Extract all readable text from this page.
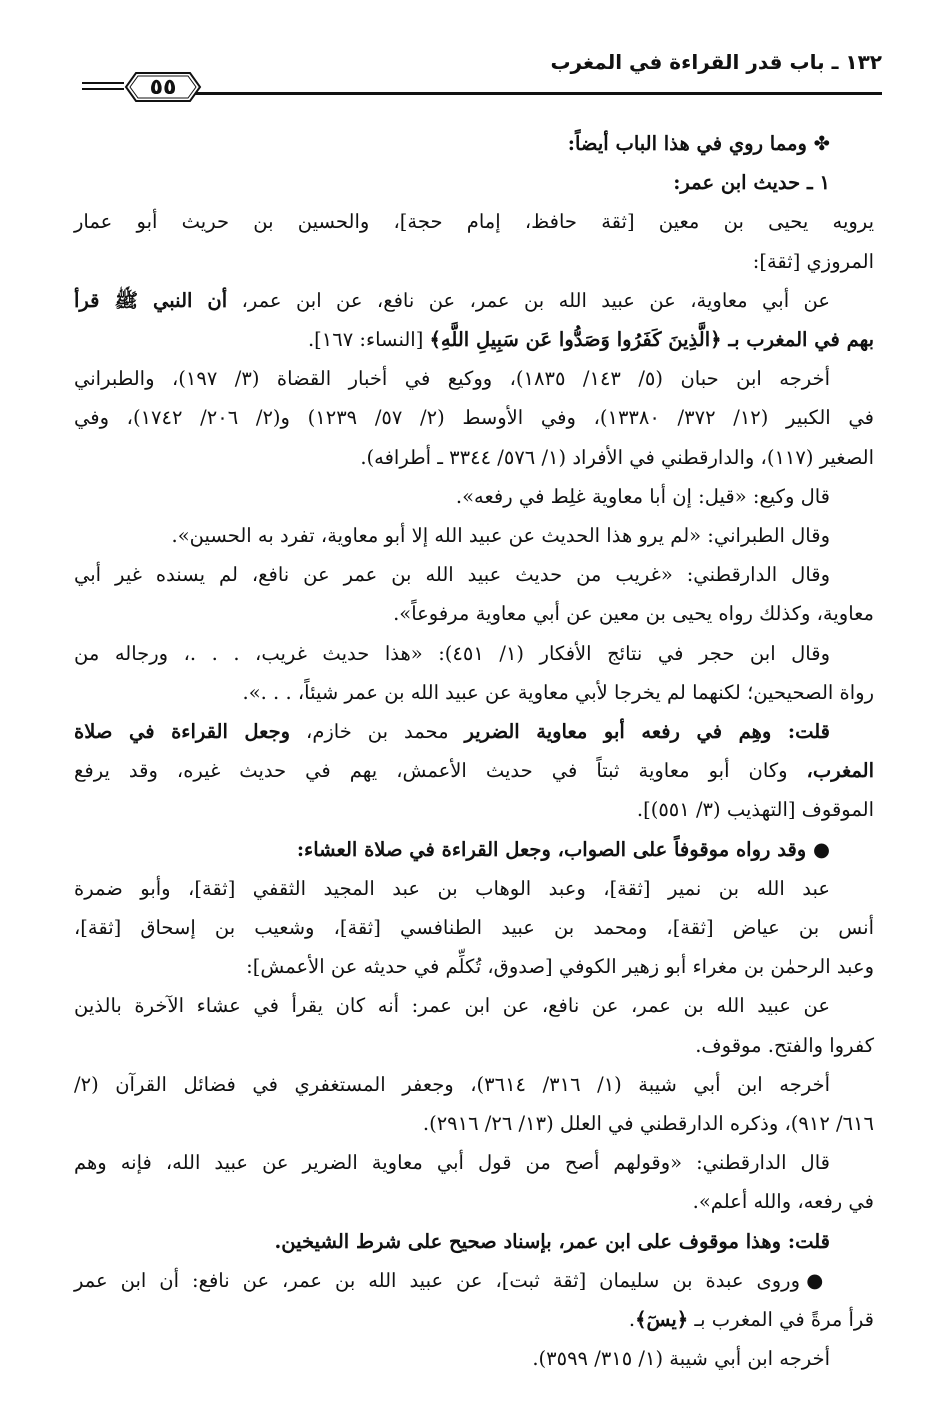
١٣٢ ـ باب قدر القراءة في المغرب
٥٥
✤ ومما روي في هذا الباب أيضاً:
١ ـ حديث ابن عمر:
يرويه يحيى بن معين [ثقة حافظ، إمام حجة]، والحسين بن حريث أبو عمار
المروزي [ثقة]:
عن أبي معاوية، عن عبيد الله بن عمر، عن نافع، عن ابن عمر، أن النبي ﷺ قرأ
بهم في المغرب بـ ﴿الَّذِينَ كَفَرُوا وَصَدُّوا عَن سَبِيلِ اللَّهِ﴾ [النساء: ١٦٧].
أخرجه ابن حبان (٥/ ١٤٣/ ١٨٣٥)، ووكيع في أخبار القضاة (٣/ ١٩٧)، والطبراني
في الكبير (١٢/ ٣٧٢/ ١٣٣٨٠)، وفي الأوسط (٢/ ٥٧/ ١٢٣٩) و(٢/ ٢٠٦/ ١٧٤٢)، وفي
الصغير (١١٧)، والدارقطني في الأفراد (١/ ٥٧٦/ ٣٣٤٤ ـ أطرافه).
قال وكيع: «قيل: إن أبا معاوية غلِط في رفعه».
وقال الطبراني: «لم يرو هذا الحديث عن عبيد الله إلا أبو معاوية، تفرد به الحسين».
وقال الدارقطني: «غريب من حديث عبيد الله بن عمر عن نافع، لم يسنده غير أبي
معاوية، وكذلك رواه يحيى بن معين عن أبي معاوية مرفوعاً».
وقال ابن حجر في نتائج الأفكار (١/ ٤٥١): «هذا حديث غريب، . . .، ورجاله من
رواة الصحيحين؛ لكنهما لم يخرجا لأبي معاوية عن عبيد الله بن عمر شيئاً، . . .».
قلت: وهِم في رفعه أبو معاوية الضرير محمد بن خازم، وجعل القراءة في صلاة
المغرب، وكان أبو معاوية ثبتاً في حديث الأعمش، يهم في حديث غيره، وقد يرفع
الموقوف [التهذيب (٣/ ٥٥١)].
● وقد رواه موقوفاً على الصواب، وجعل القراءة في صلاة العشاء:
عبد الله بن نمير [ثقة]، وعبد الوهاب بن عبد المجيد الثقفي [ثقة]، وأبو ضمرة
أنس بن عياض [ثقة]، ومحمد بن عبيد الطنافسي [ثقة]، وشعيب بن إسحاق [ثقة]،
وعبد الرحمٰن بن مغراء أبو زهير الكوفي [صدوق، تُكلِّم في حديثه عن الأعمش]:
عن عبيد الله بن عمر، عن نافع، عن ابن عمر: أنه كان يقرأ في عشاء الآخرة بالذين
كفروا والفتح. موقوف.
أخرجه ابن أبي شيبة (١/ ٣١٦/ ٣٦١٤)، وجعفر المستغفري في فضائل القرآن (٢/
٦١٦/ ٩١٢)، وذكره الدارقطني في العلل (١٣/ ٢٦/ ٢٩١٦).
قال الدارقطني: «وقولهم أصح من قول أبي معاوية الضرير عن عبيد الله، فإنه وهم
في رفعه، والله أعلم».
قلت: وهذا موقوف على ابن عمر، بإسناد صحيح على شرط الشيخين.
● وروى عبدة بن سليمان [ثقة ثبت]، عن عبيد الله بن عمر، عن نافع: أن ابن عمر
قرأ مرةً في المغرب بـ ﴿يسٓ﴾.
أخرجه ابن أبي شيبة (١/ ٣١٥/ ٣٥٩٩).
